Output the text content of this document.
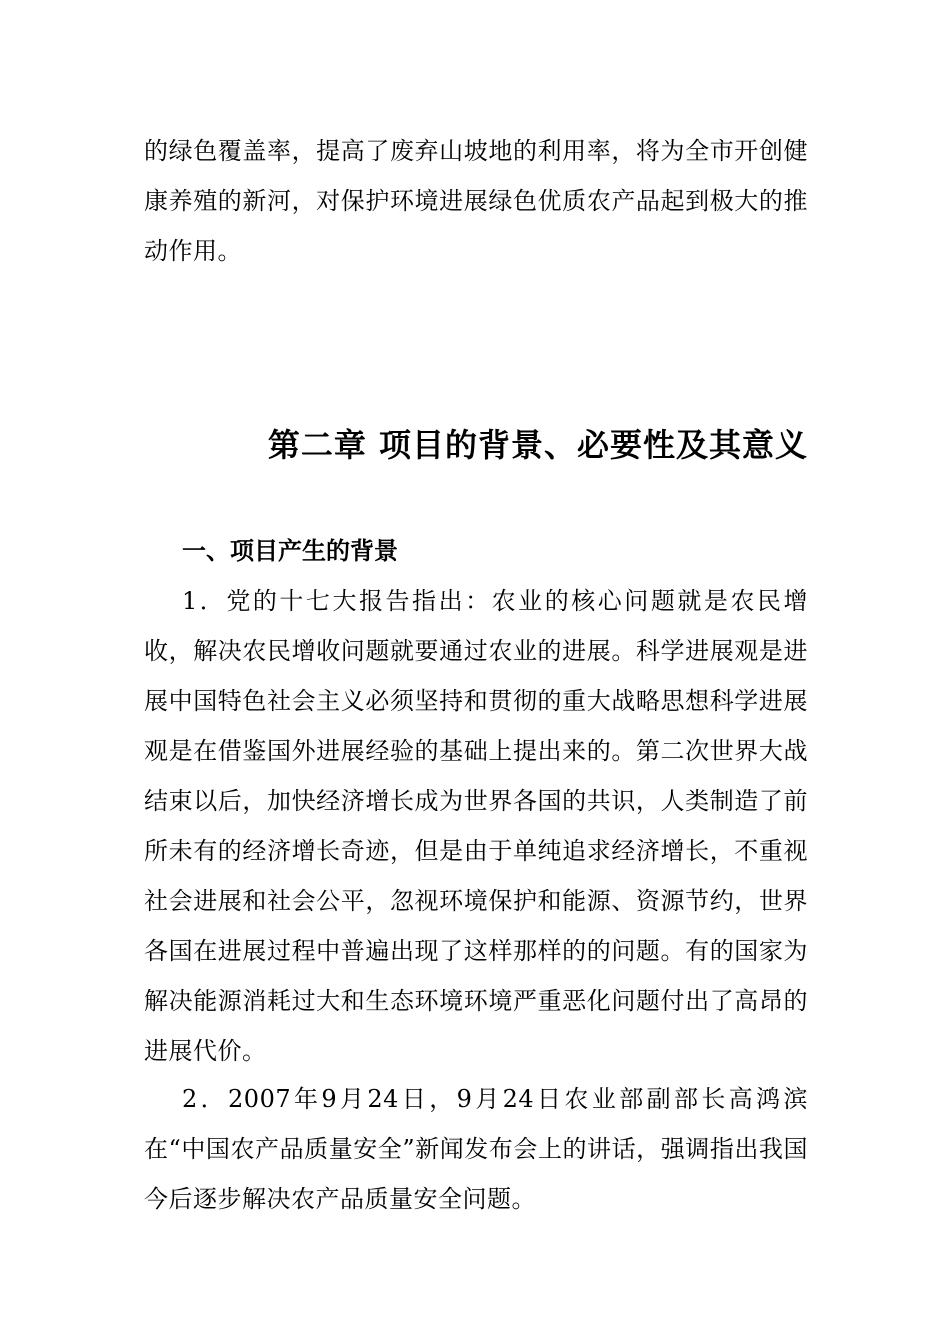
的绿色覆盖率，提高了废弃山坡地的利用率，将为全市开创健康养殖的新河，对保护环境进展绿色优质农产品起到极大的推动作用。
第二章 项目的背景、必要性及其意义
一、项目产生的背景
1．党的十七大报告指出：农业的核心问题就是农民增收，解决农民增收问题就要通过农业的进展。科学进展观是进展中国特色社会主义必须坚持和贯彻的重大战略思想科学进展观是在借鉴国外进展经验的基础上提出来的。第二次世界大战结束以后，加快经济增长成为世界各国的共识，人类制造了前所未有的经济增长奇迹，但是由于单纯追求经济增长，不重视社会进展和社会公平，忽视环境保护和能源、资源节约，世界各国在进展过程中普遍出现了这样那样的的问题。有的国家为解决能源消耗过大和生态环境环境严重恶化问题付出了高昂的进展代价。
2．2007年9月24日，9月24日农业部副部长高鸿滨在“中国农产品质量安全”新闻发布会上的讲话，强调指出我国今后逐步解决农产品质量安全问题。
